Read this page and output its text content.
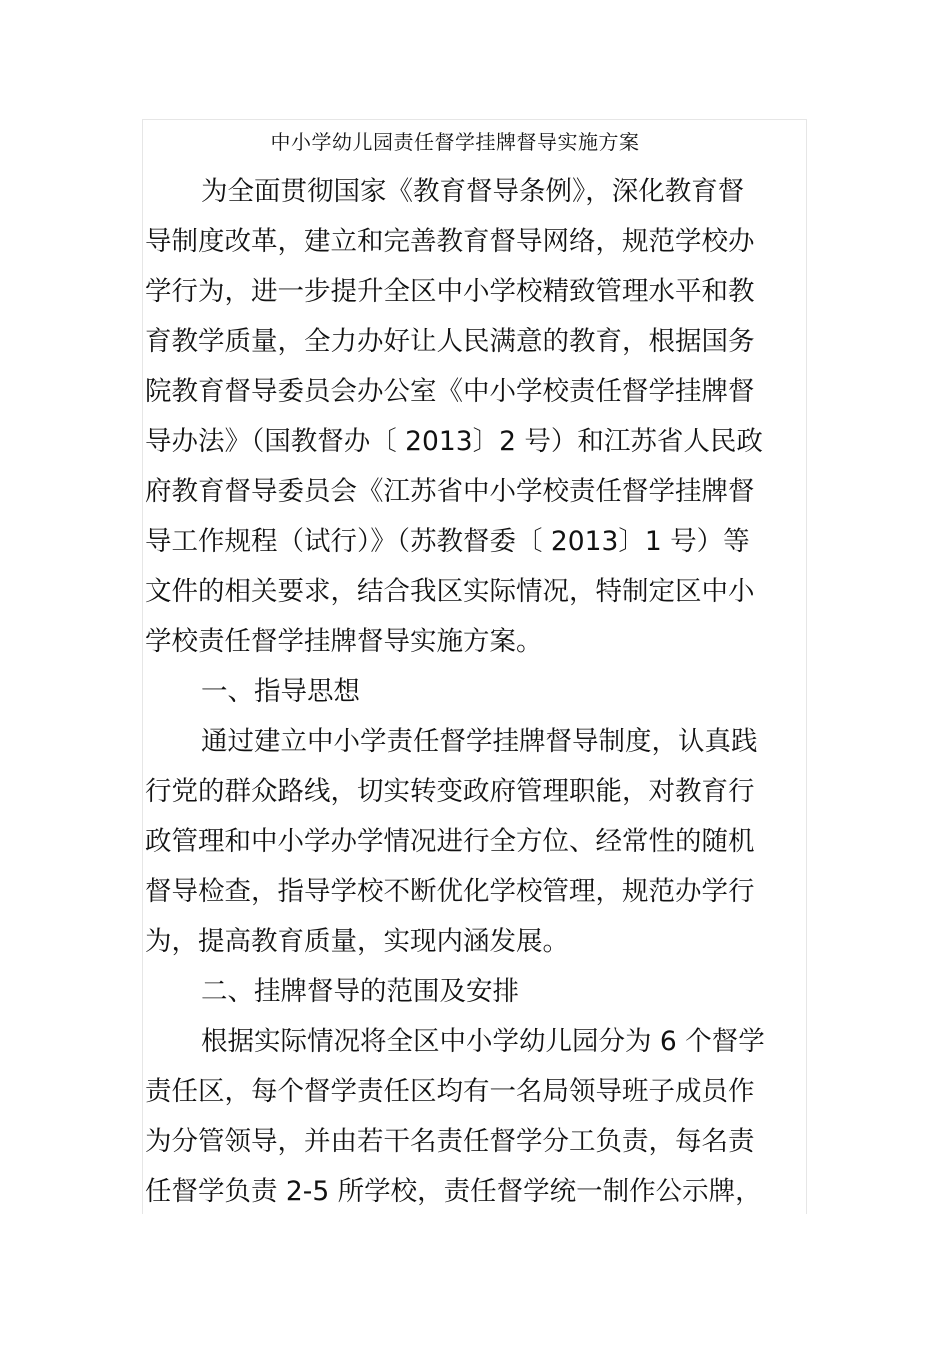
中小学幼儿园责任督学挂牌督导实施方案
为全面贯彻国家《教育督导条例》，深化教育督
导制度改革，建立和完善教育督导网络，规范学校办
学行为，进一步提升全区中小学校精致管理水平和教
育教学质量，全力办好让人民满意的教育，根据国务
院教育督导委员会办公室《中小学校责任督学挂牌督
导办法》（国教督办〔 2013〕2 号）和江苏省人民政
府教育督导委员会《江苏省中小学校责任督学挂牌督
导工作规程（试行）》（苏教督委〔 2013〕1 号）等
文件的相关要求，结合我区实际情况，特制定区中小
学校责任督学挂牌督导实施方案。
一、指导思想
通过建立中小学责任督学挂牌督导制度，认真践
行党的群众路线，切实转变政府管理职能，对教育行
政管理和中小学办学情况进行全方位、经常性的随机
督导检查，指导学校不断优化学校管理，规范办学行
为，提高教育质量，实现内涵发展。
二、挂牌督导的范围及安排
根据实际情况将全区中小学幼儿园分为 6 个督学
责任区，每个督学责任区均有一名局领导班子成员作
为分管领导，并由若干名责任督学分工负责，每名责
任督学负责 2-5 所学校，责任督学统一制作公示牌，
